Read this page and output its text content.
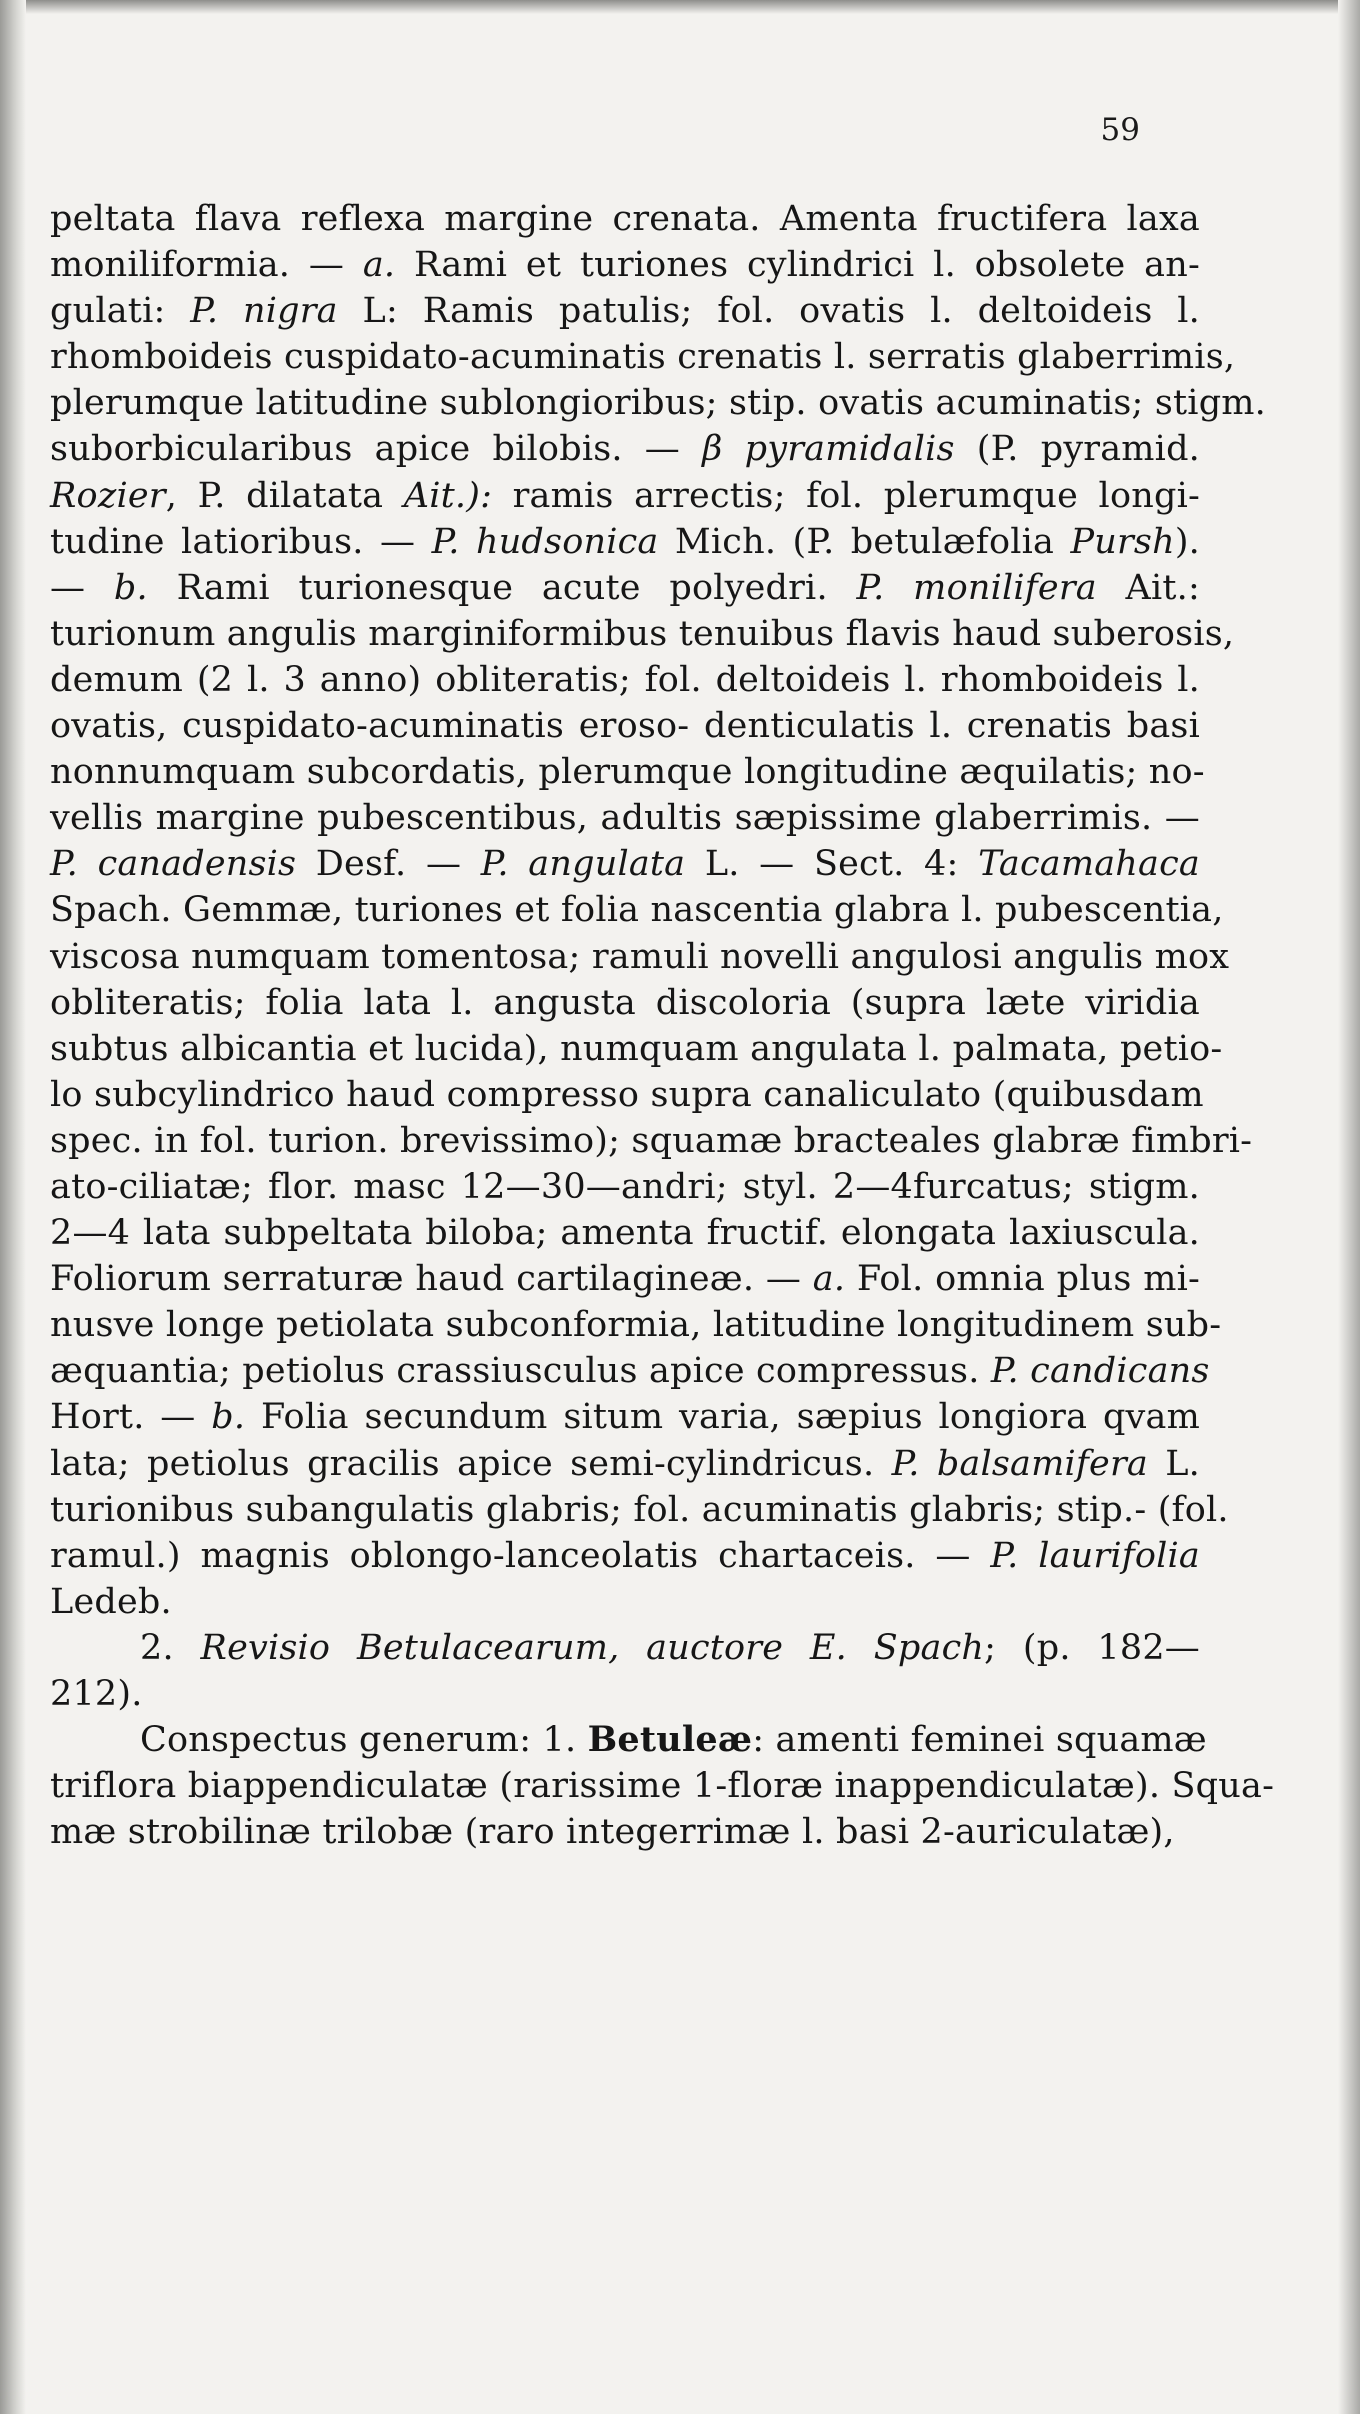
59
peltata flava reflexa margine crenata. Amenta fructifera laxa
moniliformia. — a. Rami et turiones cylindrici l. obsolete an-
gulati: P. nigra L: Ramis patulis; fol. ovatis l. deltoideis l.
rhomboideis cuspidato-acuminatis crenatis l. serratis glaberrimis,
plerumque latitudine sublongioribus; stip. ovatis acuminatis; stigm.
suborbicularibus apice bilobis. — β pyramidalis (P. pyramid.
Rozier, P. dilatata Ait.): ramis arrectis; fol. plerumque longi-
tudine latioribus. — P. hudsonica Mich. (P. betulæfolia Pursh).
— b. Rami turionesque acute polyedri. P. monilifera Ait.:
turionum angulis marginiformibus tenuibus flavis haud suberosis,
demum (2 l. 3 anno) obliteratis; fol. deltoideis l. rhomboideis l.
ovatis, cuspidato-acuminatis eroso- denticulatis l. crenatis basi
nonnumquam subcordatis, plerumque longitudine æquilatis; no-
vellis margine pubescentibus, adultis sæpissime glaberrimis. —
P. canadensis Desf. — P. angulata L. — Sect. 4: Tacamahaca
Spach. Gemmæ, turiones et folia nascentia glabra l. pubescentia,
viscosa numquam tomentosa; ramuli novelli angulosi angulis mox
obliteratis; folia lata l. angusta discoloria (supra læte viridia
subtus albicantia et lucida), numquam angulata l. palmata, petio-
lo subcylindrico haud compresso supra canaliculato (quibusdam
spec. in fol. turion. brevissimo); squamæ bracteales glabræ fimbri-
ato-ciliatæ; flor. masc 12—30—andri; styl. 2—4furcatus; stigm.
2—4 lata subpeltata biloba; amenta fructif. elongata laxiuscula.
Foliorum serraturæ haud cartilagineæ. — a. Fol. omnia plus mi-
nusve longe petiolata subconformia, latitudine longitudinem sub-
æquantia; petiolus crassiusculus apice compressus. P. candicans
Hort. — b. Folia secundum situm varia, sæpius longiora qvam
lata; petiolus gracilis apice semi-cylindricus. P. balsamifera L.
turionibus subangulatis glabris; fol. acuminatis glabris; stip.- (fol.
ramul.) magnis oblongo-lanceolatis chartaceis. — P. laurifolia
Ledeb.
2. Revisio Betulacearum, auctore E. Spach; (p. 182—
212).
Conspectus generum: 1. Betuleæ: amenti feminei squamæ
triflora biappendiculatæ (rarissime 1-floræ inappendiculatæ). Squa-
mæ strobilinæ trilobæ (raro integerrimæ l. basi 2-auriculatæ),
